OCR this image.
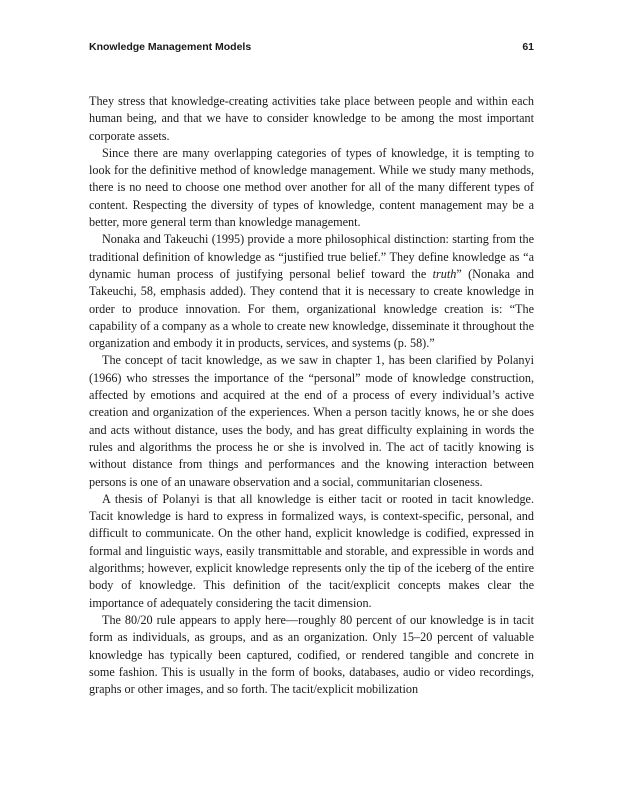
Knowledge Management Models	61

They stress that knowledge-creating activities take place between people and within each human being, and that we have to consider knowledge to be among the most important corporate assets.

Since there are many overlapping categories of types of knowledge, it is tempting to look for the definitive method of knowledge management. While we study many methods, there is no need to choose one method over another for all of the many different types of content. Respecting the diversity of types of knowledge, content management may be a better, more general term than knowledge management.

Nonaka and Takeuchi (1995) provide a more philosophical distinction: starting from the traditional definition of knowledge as “justified true belief.” They define knowledge as “a dynamic human process of justifying personal belief toward the truth” (Nonaka and Takeuchi, 58, emphasis added). They contend that it is necessary to create knowledge in order to produce innovation. For them, organizational knowledge creation is: “The capability of a company as a whole to create new knowledge, disseminate it throughout the organization and embody it in products, services, and systems (p. 58).”

The concept of tacit knowledge, as we saw in chapter 1, has been clarified by Polanyi (1966) who stresses the importance of the “personal” mode of knowledge construction, affected by emotions and acquired at the end of a process of every individual’s active creation and organization of the experiences. When a person tacitly knows, he or she does and acts without distance, uses the body, and has great difficulty explaining in words the rules and algorithms the process he or she is involved in. The act of tacitly knowing is without distance from things and performances and the knowing interaction between persons is one of an unaware observation and a social, communitarian closeness.

A thesis of Polanyi is that all knowledge is either tacit or rooted in tacit knowledge. Tacit knowledge is hard to express in formalized ways, is context-specific, personal, and difficult to communicate. On the other hand, explicit knowledge is codified, expressed in formal and linguistic ways, easily transmittable and storable, and expressible in words and algorithms; however, explicit knowledge represents only the tip of the iceberg of the entire body of knowledge. This definition of the tacit/explicit concepts makes clear the importance of adequately considering the tacit dimension.

The 80/20 rule appears to apply here—roughly 80 percent of our knowledge is in tacit form as individuals, as groups, and as an organization. Only 15–20 percent of valuable knowledge has typically been captured, codified, or rendered tangible and concrete in some fashion. This is usually in the form of books, databases, audio or video recordings, graphs or other images, and so forth. The tacit/explicit mobilization
